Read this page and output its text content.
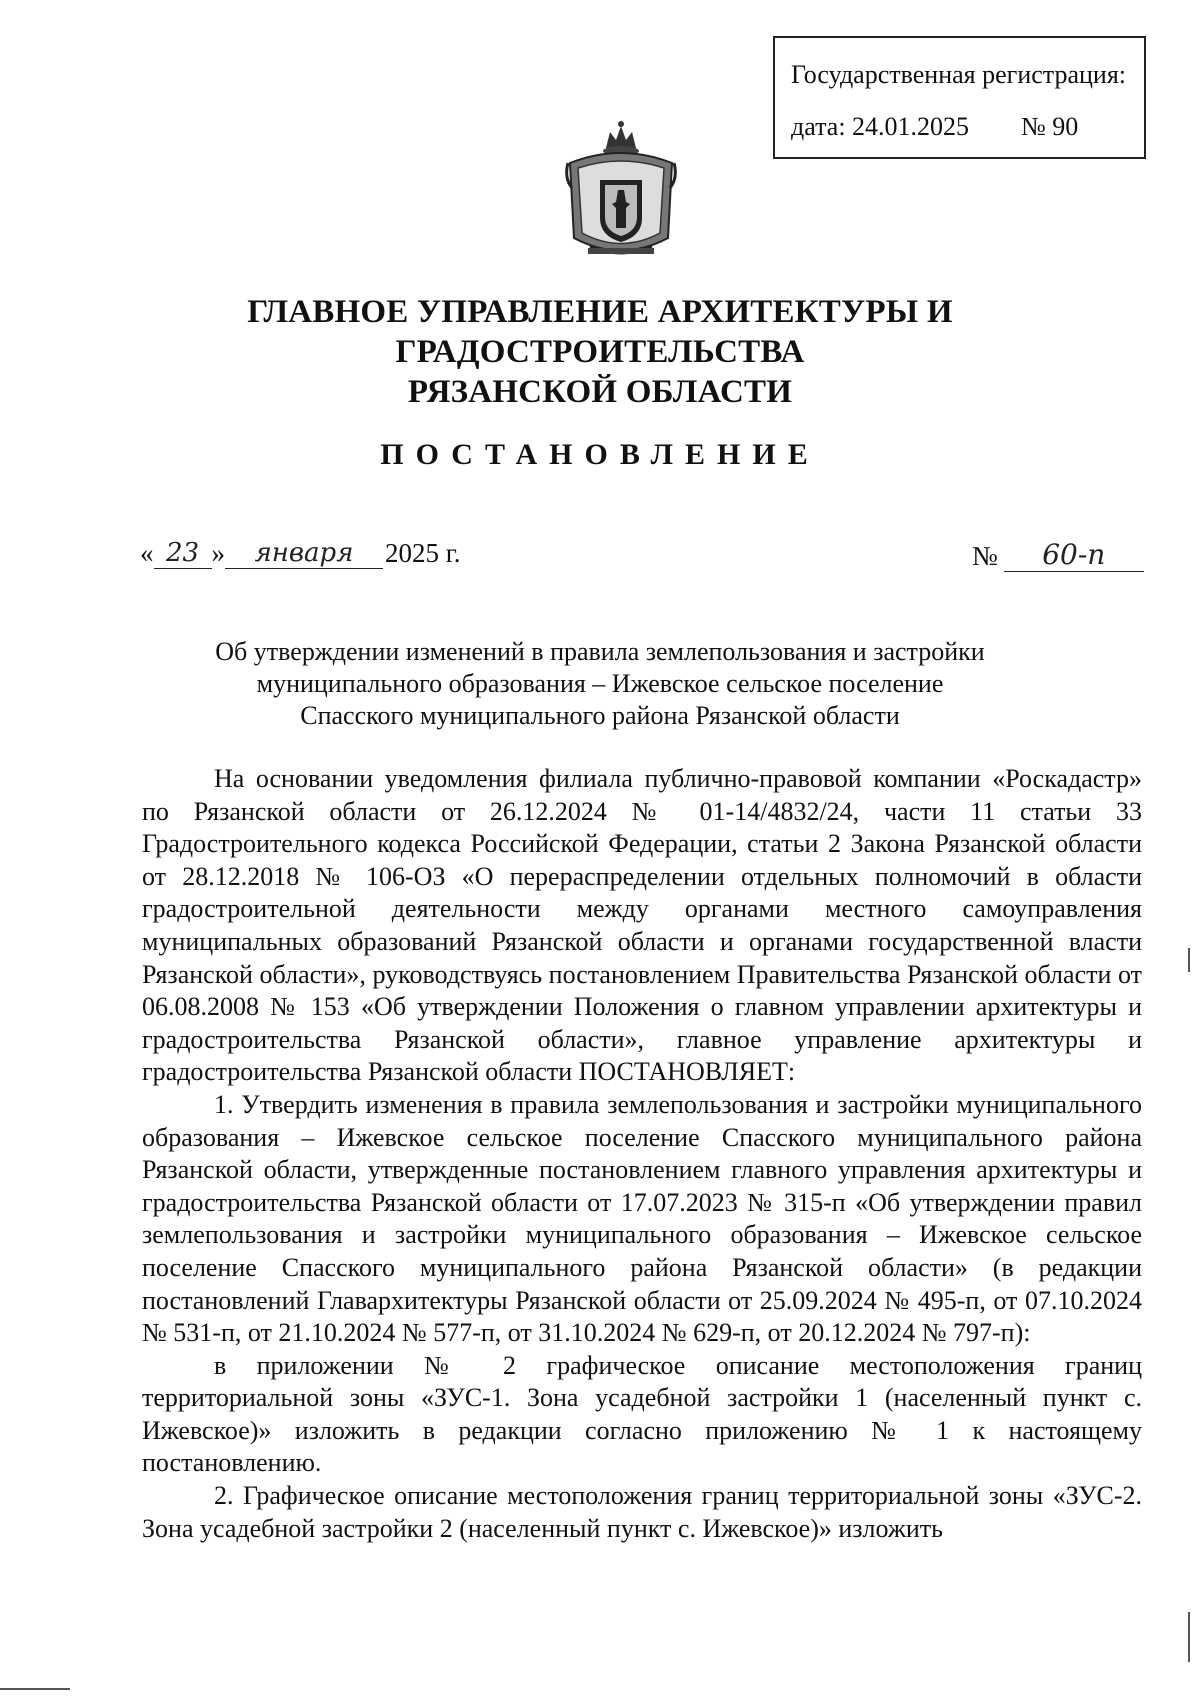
Государственная регистрация:
дата: 24.01.2025	№ 90
ГЛАВНОЕ УПРАВЛЕНИЕ АРХИТЕКТУРЫ И ГРАДОСТРОИТЕЛЬСТВА
РЯЗАНСКОЙ ОБЛАСТИ
ПОСТАНОВЛЕНИЕ
« 23 »	января	2025 г.	№	60-п
Об утверждении изменений в правила землепользования и застройки
муниципального образования – Ижевское сельское поселение
Спасского муниципального района Рязанской области

На основании уведомления филиала публично-правовой компании «Роскадастр» по Рязанской области от 26.12.2024 № 01-14/4832/24, части 11 статьи 33 Градостроительного кодекса Российской Федерации, статьи 2 Закона Рязанской области от 28.12.2018 № 106-ОЗ «О перераспределении отдельных полномочий в области градостроительной деятельности между органами местного самоуправления муниципальных образований Рязанской области и органами государственной власти Рязанской области», руководствуясь постановлением Правительства Рязанской области от 06.08.2008 № 153 «Об утверждении Положения о главном управлении архитектуры и градостроительства Рязанской области», главное управление архитектуры и градостроительства Рязанской области ПОСТАНОВЛЯЕТ:

1. Утвердить изменения в правила землепользования и застройки муниципального образования – Ижевское сельское поселение Спасского муниципального района Рязанской области, утвержденные постановлением главного управления архитектуры и градостроительства Рязанской области от 17.07.2023 № 315-п «Об утверждении правил землепользования и застройки муниципального образования – Ижевское сельское поселение Спасского муниципального района Рязанской области» (в редакции постановлений Главархитектуры Рязанской области от 25.09.2024 № 495-п, от 07.10.2024 № 531-п, от 21.10.2024 № 577-п, от 31.10.2024 № 629-п, от 20.12.2024 № 797-п):

в приложении № 2 графическое описание местоположения границ территориальной зоны «ЗУС-1. Зона усадебной застройки 1 (населенный пункт с. Ижевское)» изложить в редакции согласно приложению № 1 к настоящему постановлению.

2. Графическое описание местоположения границ территориальной зоны «ЗУС-2. Зона усадебной застройки 2 (населенный пункт с. Ижевское)» изложить
